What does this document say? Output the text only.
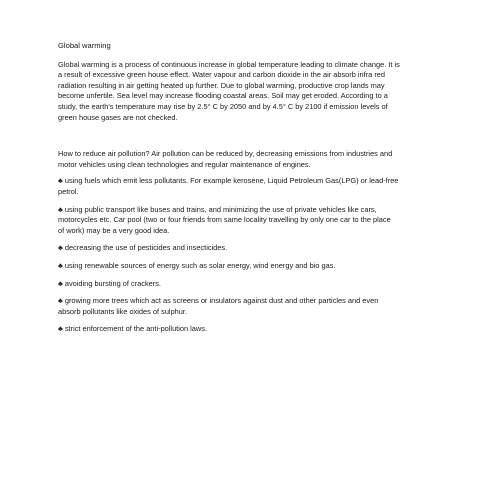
Global warming

Global warming is a process of continuous increase in global temperature leading to climate change. It is
a result of excessive green house effect. Water vapour and carbon dioxide in the air absorb infra red
radiation resulting in air getting heated up further. Due to global warming, productive crop lands may
become unfertile. Sea level may increase flooding coastal areas. Soil may get eroded. According to a
study, the earth's temperature may rise by 2.5° C by 2050 and by 4.5° C by 2100 if emission levels of
green house gases are not checked.

How to reduce air pollution? Air pollution can be reduced by, decreasing emissions from industries and
motor vehicles using clean technologies and regular maintenance of engines.

♣ using fuels which emit less pollutants. For example kerosene, Liquid Petroleum Gas(LPG) or lead-free
petrol.
♣ using public transport like buses and trains, and minimizing the use of private vehicles like cars,
motorcycles etc. Car pool (two or four friends from same locality travelling by only one car to the place
of work) may be a very good idea.
♣ decreasing the use of pesticides and insecticides.
♣ using renewable sources of energy such as solar energy, wind energy and bio gas.
♣ avoiding bursting of crackers.
♣ growing more trees which act as screens or insulators against dust and other particles and even
absorb pollutants like oxides of sulphur.
♣ strict enforcement of the anti-pollution laws.
